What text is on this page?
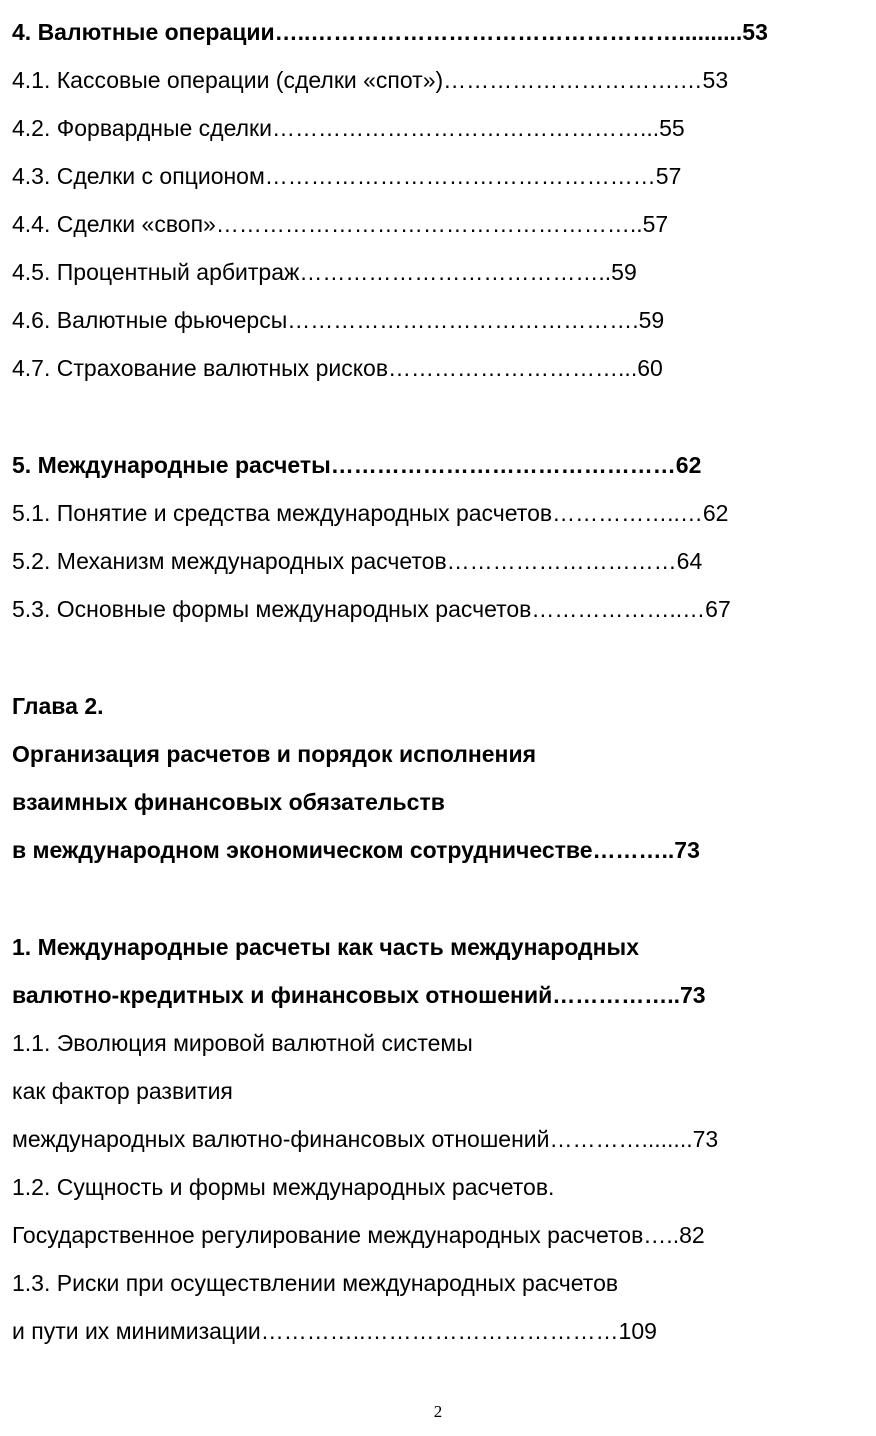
4. Валютные операции…..…………………………………………..........53
4.1. Кассовые операции (сделки «спот»)………………………….…53
4.2. Форвардные сделки…………………………………………...55
4.3. Сделки с опционом……………………………………………57
4.4. Сделки «своп»………………………………………………..57
4.5. Процентный арбитраж…………………………………..59
4.6. Валютные фьючерсы……………………………………….59
4.7. Страхование валютных рисков…………………………...60
5. Международные расчеты………………………………………62
5.1. Понятие и средства международных расчетов……………..…62
5.2. Механизм международных расчетов…………………………64
5.3. Основные формы международных расчетов………………..…67
Глава 2.
Организация расчетов и порядок исполнения
взаимных финансовых обязательств
в международном экономическом сотрудничестве………..73
1. Международные расчеты как часть международных
валютно-кредитных и финансовых отношений……………..73
1.1. Эволюция мировой валютной системы
как фактор развития
международных валютно-финансовых отношений…………........73
1.2. Сущность и формы международных расчетов.
Государственное регулирование международных расчетов…..82
1.3. Риски при осуществлении международных расчетов
и пути их минимизации…………..……………………………109
2
